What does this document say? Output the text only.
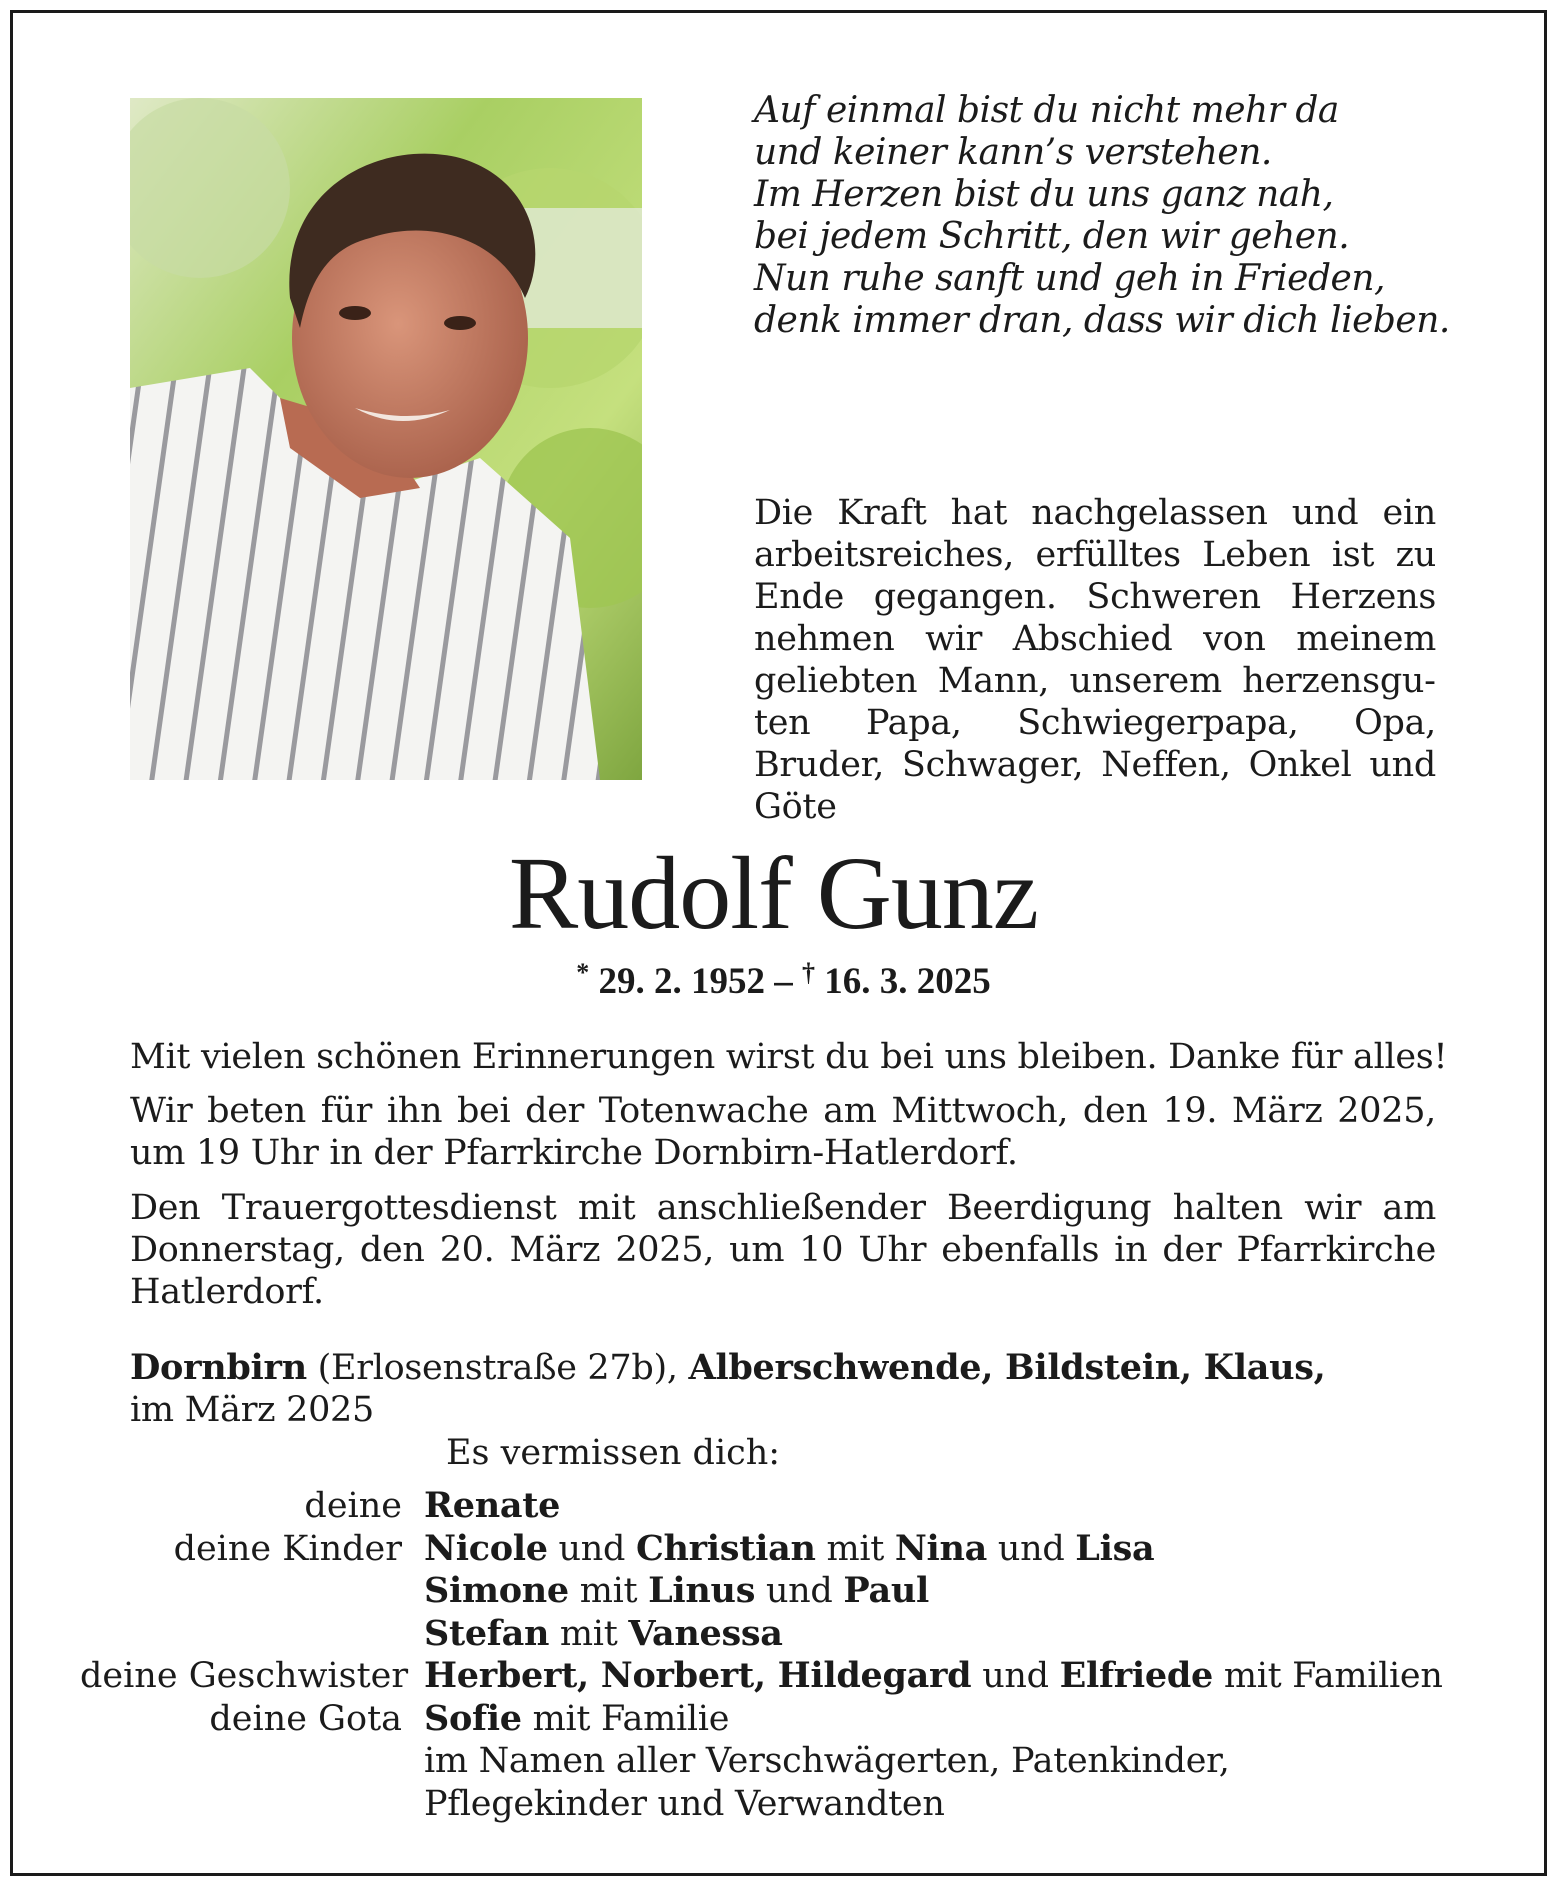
Auf einmal bist du nicht mehr da
und keiner kann’s verstehen.
Im Herzen bist du uns ganz nah,
bei jedem Schritt, den wir gehen.
Nun ruhe sanft und geh in Frieden,
denk immer dran, dass wir dich lieben.
Die Kraft hat nachgelassen und ein arbeitsreiches, erfülltes Leben ist zu Ende gegangen. Schweren Herzens nehmen wir Abschied von meinem geliebten Mann, unserem herzensguten Papa, Schwiegerpapa, Opa, Bruder, Schwager, Neffen, Onkel und Göte
Rudolf Gunz
* 29. 2. 1952 – † 16. 3. 2025
Mit vielen schönen Erinnerungen wirst du bei uns bleiben. Danke für alles!
Wir beten für ihn bei der Totenwache am Mittwoch, den 19. März 2025, um 19 Uhr in der Pfarrkirche Dornbirn-Hatlerdorf.
Den Trauergottesdienst mit anschließender Beerdigung halten wir am Donnerstag, den 20. März 2025, um 10 Uhr ebenfalls in der Pfarrkirche Hatlerdorf.
Dornbirn (Erlosenstraße 27b), Alberschwende, Bildstein, Klaus,
im März 2025
Es vermissen dich:
deine Renate
deine Kinder Nicole und Christian mit Nina und Lisa
Simone mit Linus und Paul
Stefan mit Vanessa
deine Geschwister Herbert, Norbert, Hildegard und Elfriede mit Familien
deine Gota Sofie mit Familie
im Namen aller Verschwägerten, Patenkinder,
Pflegekinder und Verwandten
